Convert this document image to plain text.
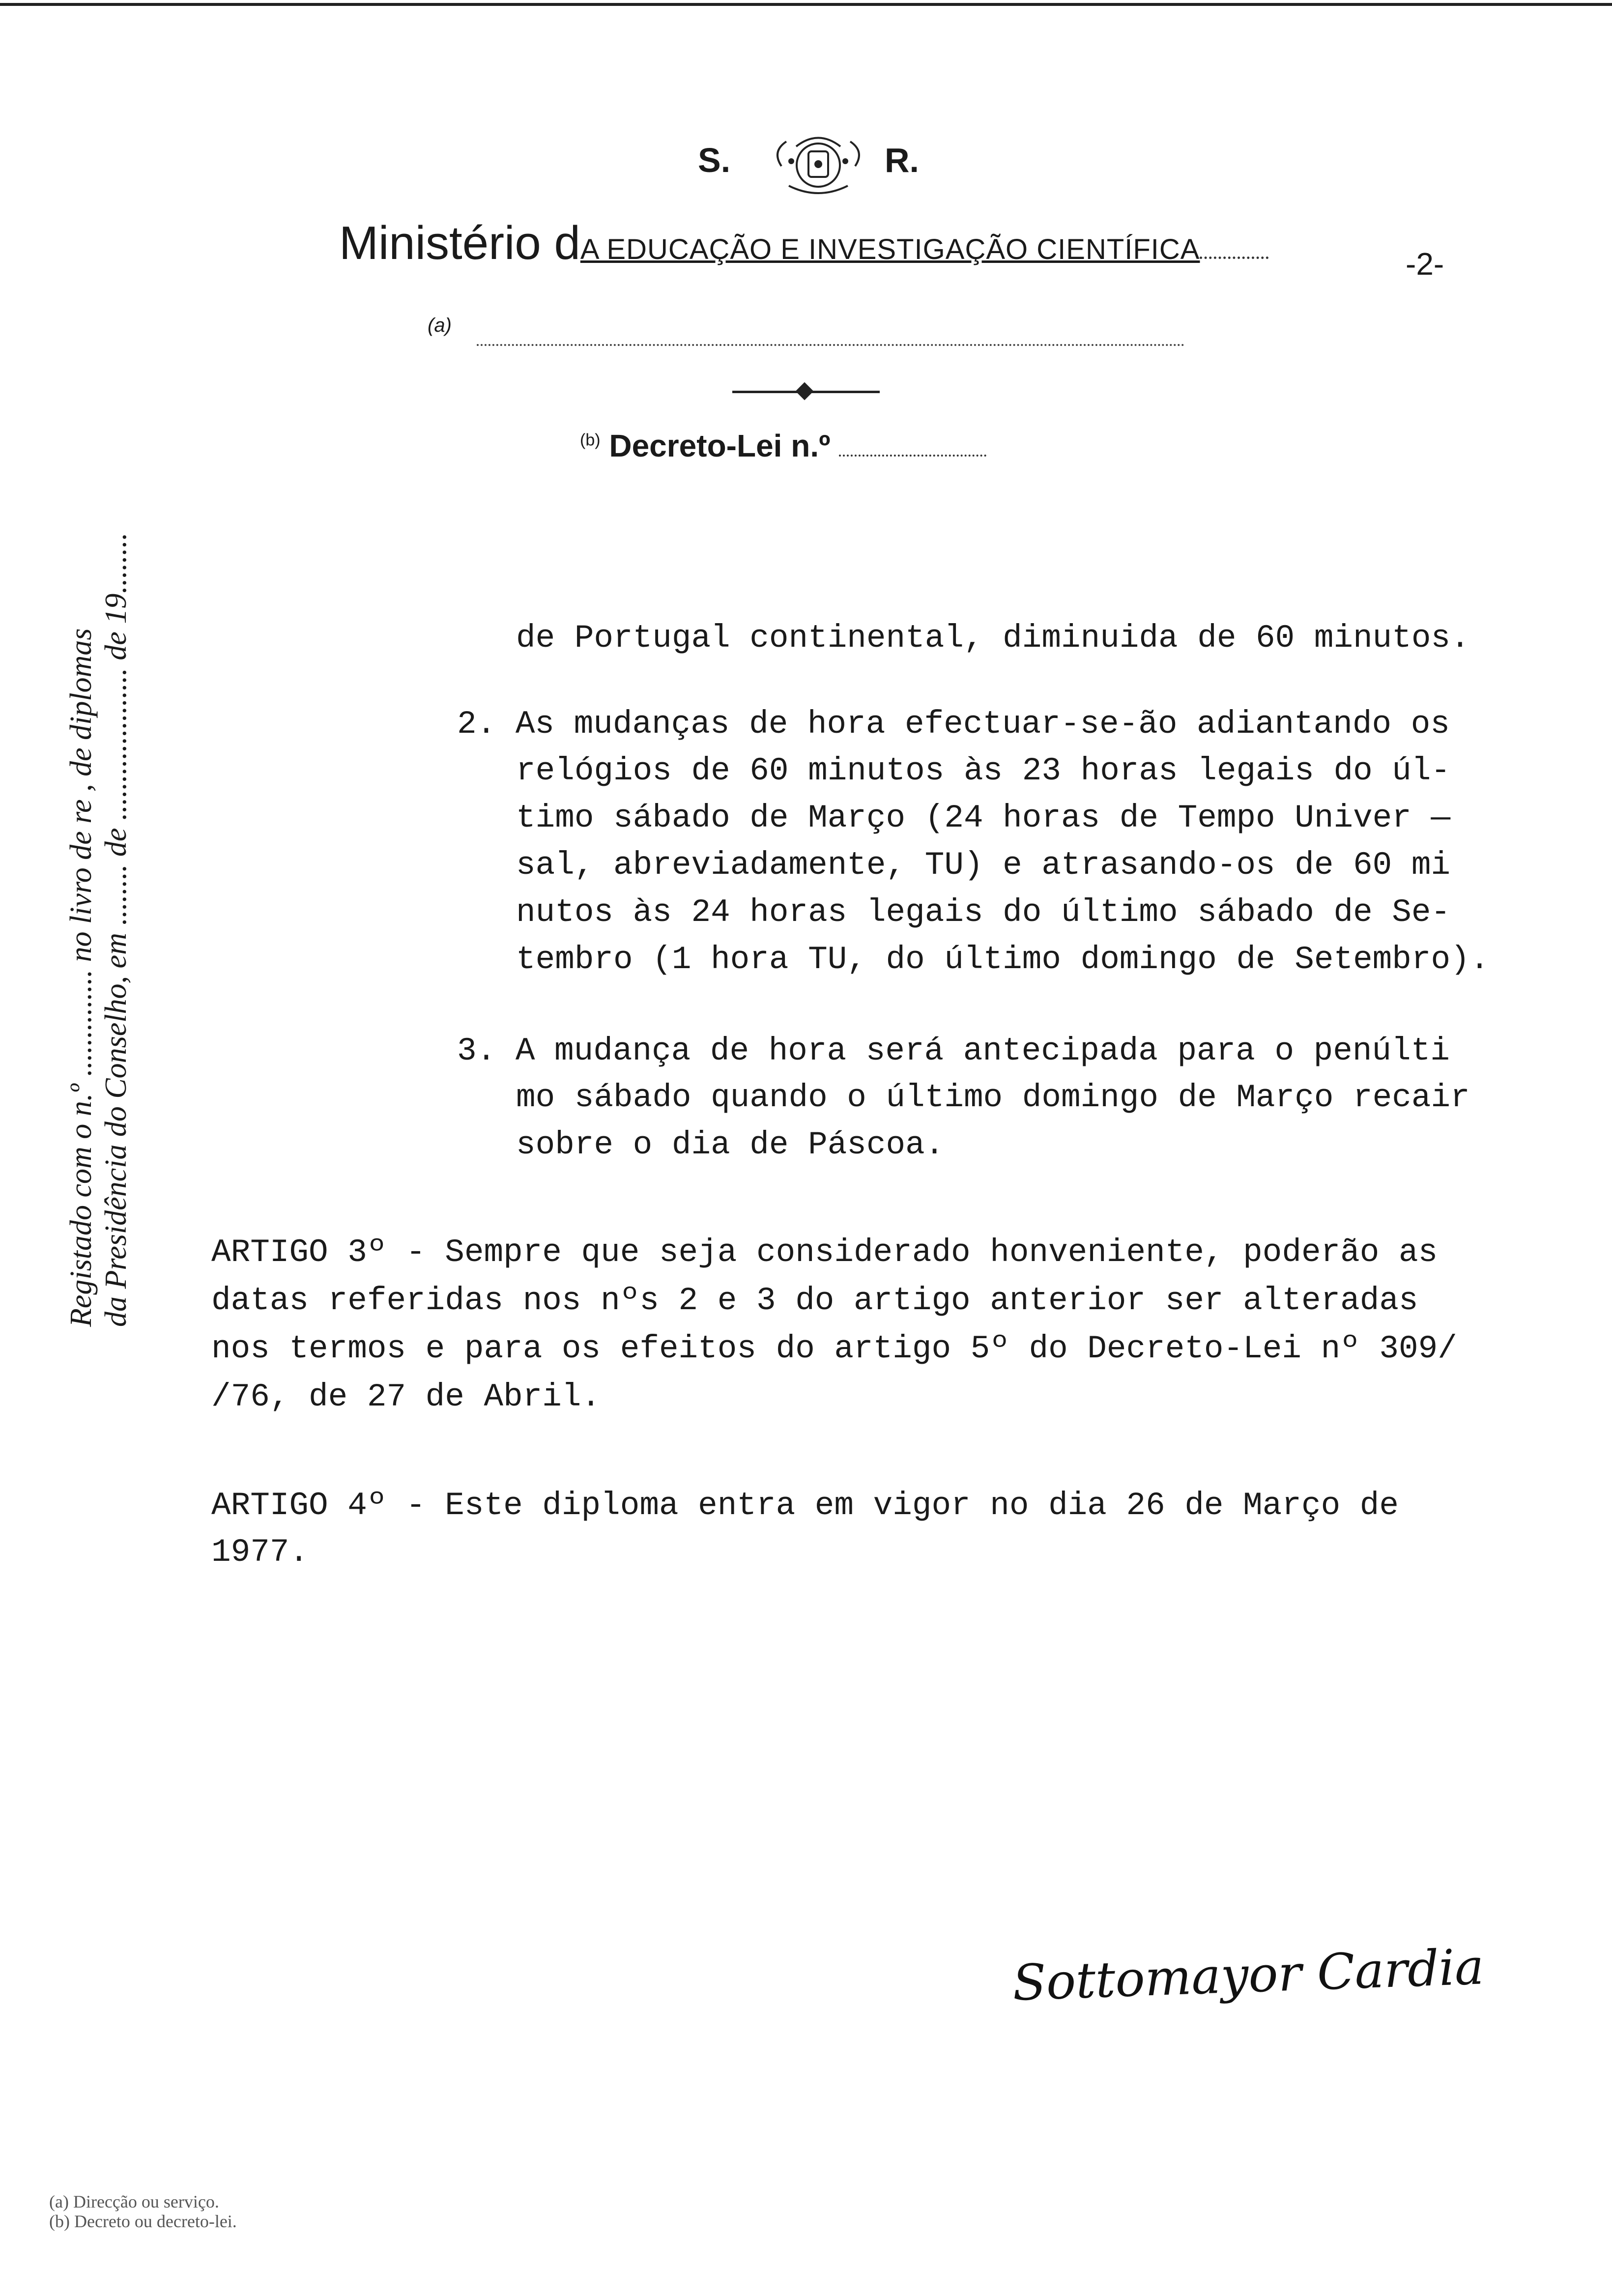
S.	R.
Ministério dA EDUCAÇÃO E INVESTIGAÇÃO CIENTÍFICA	-2-
(a)
$^{(b)}$ Decreto-Lei n.º
de Portugal continental, diminuida de 60 minutos.
2. As mudanças de hora efectuar-se-ão adiantando os
relógios de 60 minutos às 23 horas legais do úl-
timo sábado de Março (24 horas de Tempo Univer —
sal, abreviadamente, TU) e atrasando-os de 60 mi
nutos às 24 horas legais do último sábado de Se-
tembro (1 hora TU, do último domingo de Setembro).
3. A mudança de hora será antecipada para o penúlti
mo sábado quando o último domingo de Março recair
sobre o dia de Páscoa.
ARTIGO 3º - Sempre que seja considerado honveniente, poderão as
datas referidas nos nºs 2 e 3 do artigo anterior ser alteradas
nos termos e para os efeitos do artigo 5º do Decreto-Lei nº 309/
/76, de 27 de Abril.
ARTIGO 4º - Este diploma entra em vigor no dia 26 de Março de
1977.
Registado com o n.º .............. no livro de re , de diplomas da Presidência do Conselho, em ........ de .................... de 19........
Sottomayor Cardia
(a) Direcção ou serviço.
(b) Decreto ou decreto-lei.
